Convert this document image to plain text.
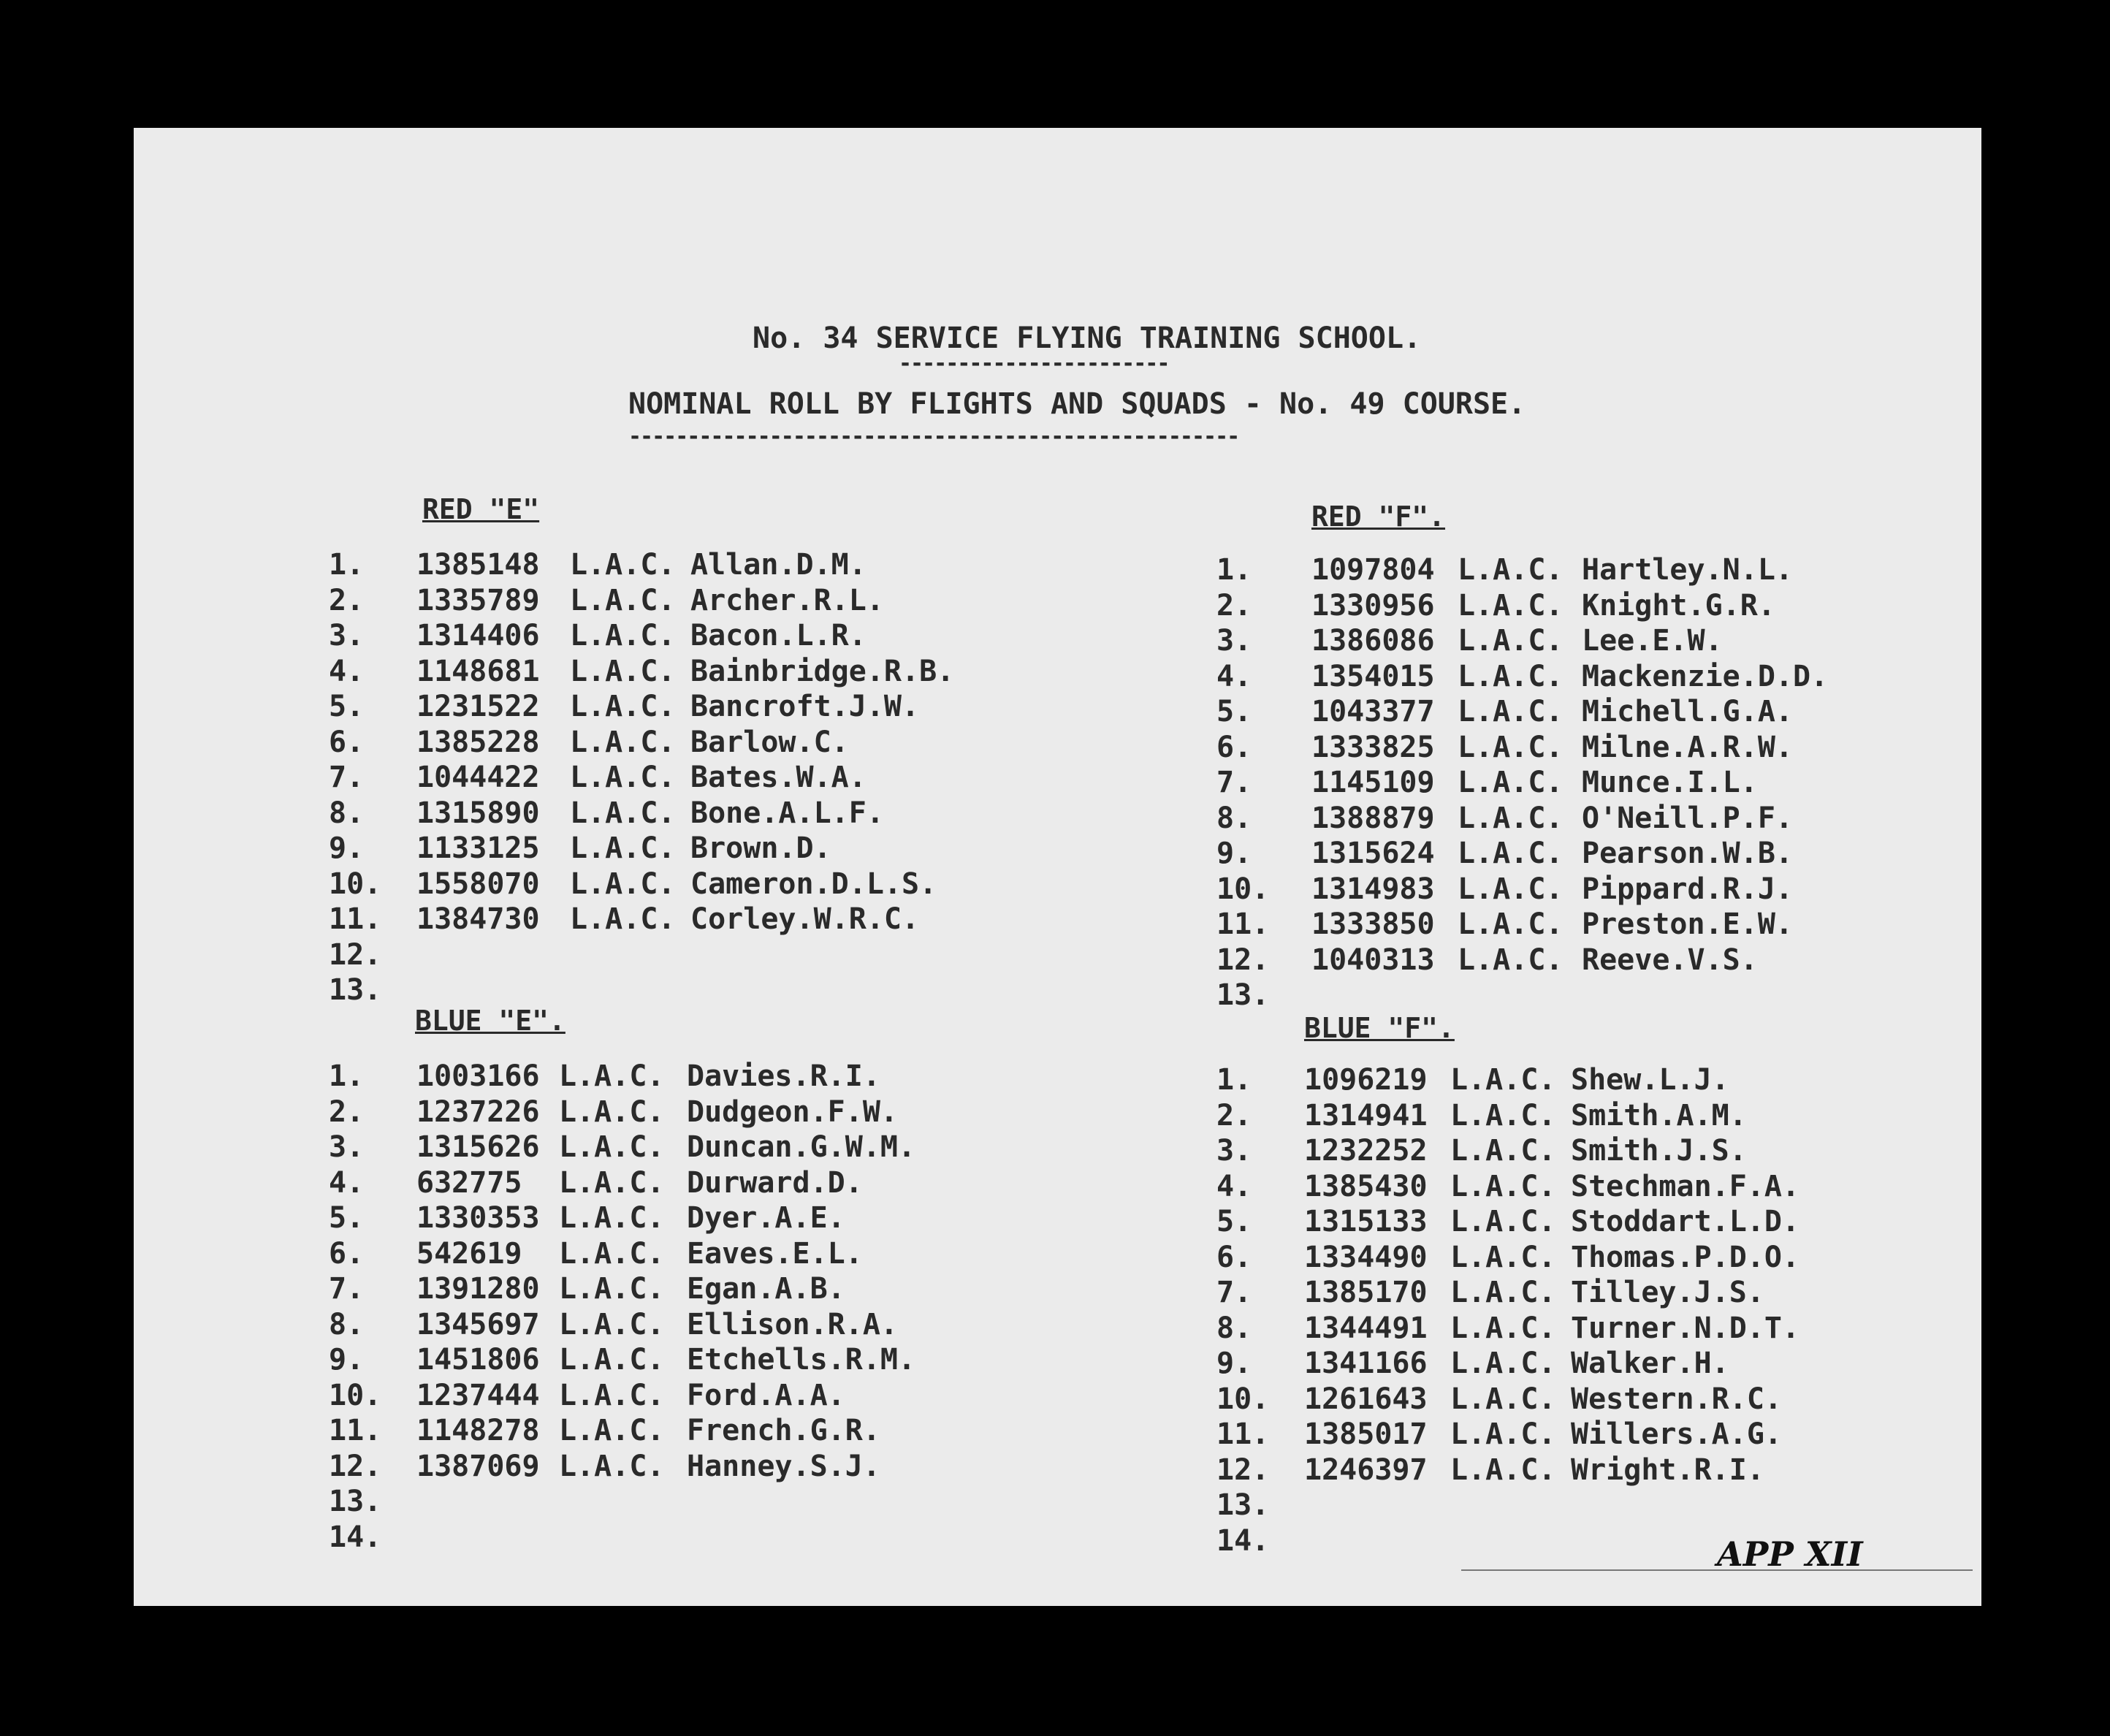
No. 34 SERVICE FLYING TRAINING SCHOOL.
-----------------------
NOMINAL ROLL BY FLIGHTS AND SQUADS - No. 49 COURSE.
----------------------------------------------------
RED "E"
1. 1385148 L.A.C. Allan.D.M.
2. 1335789 L.A.C. Archer.R.L.
3. 1314406 L.A.C. Bacon.L.R.
4. 1148681 L.A.C. Bainbridge.R.B.
5. 1231522 L.A.C. Bancroft.J.W.
6. 1385228 L.A.C. Barlow.C.
7. 1044422 L.A.C. Bates.W.A.
8. 1315890 L.A.C. Bone.A.L.F.
9. 1133125 L.A.C. Brown.D.
10. 1558070 L.A.C. Cameron.D.L.S.
11. 1384730 L.A.C. Corley.W.R.C.
12.
13.
BLUE "E".
1. 1003166 L.A.C. Davies.R.I.
2. 1237226 L.A.C. Dudgeon.F.W.
3. 1315626 L.A.C. Duncan.G.W.M.
4. 632775 L.A.C. Durward.D.
5. 1330353 L.A.C. Dyer.A.E.
6. 542619 L.A.C. Eaves.E.L.
7. 1391280 L.A.C. Egan.A.B.
8. 1345697 L.A.C. Ellison.R.A.
9. 1451806 L.A.C. Etchells.R.M.
10. 1237444 L.A.C. Ford.A.A.
11. 1148278 L.A.C. French.G.R.
12. 1387069 L.A.C. Hanney.S.J.
13.
14.
RED "F".
1. 1097804 L.A.C. Hartley.N.L.
2. 1330956 L.A.C. Knight.G.R.
3. 1386086 L.A.C. Lee.E.W.
4. 1354015 L.A.C. Mackenzie.D.D.
5. 1043377 L.A.C. Michell.G.A.
6. 1333825 L.A.C. Milne.A.R.W.
7. 1145109 L.A.C. Munce.I.L.
8. 1388879 L.A.C. O'Neill.P.F.
9. 1315624 L.A.C. Pearson.W.B.
10. 1314983 L.A.C. Pippard.R.J.
11. 1333850 L.A.C. Preston.E.W.
12. 1040313 L.A.C. Reeve.V.S.
13.
BLUE "F".
1. 1096219 L.A.C. Shew.L.J.
2. 1314941 L.A.C. Smith.A.M.
3. 1232252 L.A.C. Smith.J.S.
4. 1385430 L.A.C. Stechman.F.A.
5. 1315133 L.A.C. Stoddart.L.D.
6. 1334490 L.A.C. Thomas.P.D.O.
7. 1385170 L.A.C. Tilley.J.S.
8. 1344491 L.A.C. Turner.N.D.T.
9. 1341166 L.A.C. Walker.H.
10. 1261643 L.A.C. Western.R.C.
11. 1385017 L.A.C. Willers.A.G.
12. 1246397 L.A.C. Wright.R.I.
13.
14.	APP XII
